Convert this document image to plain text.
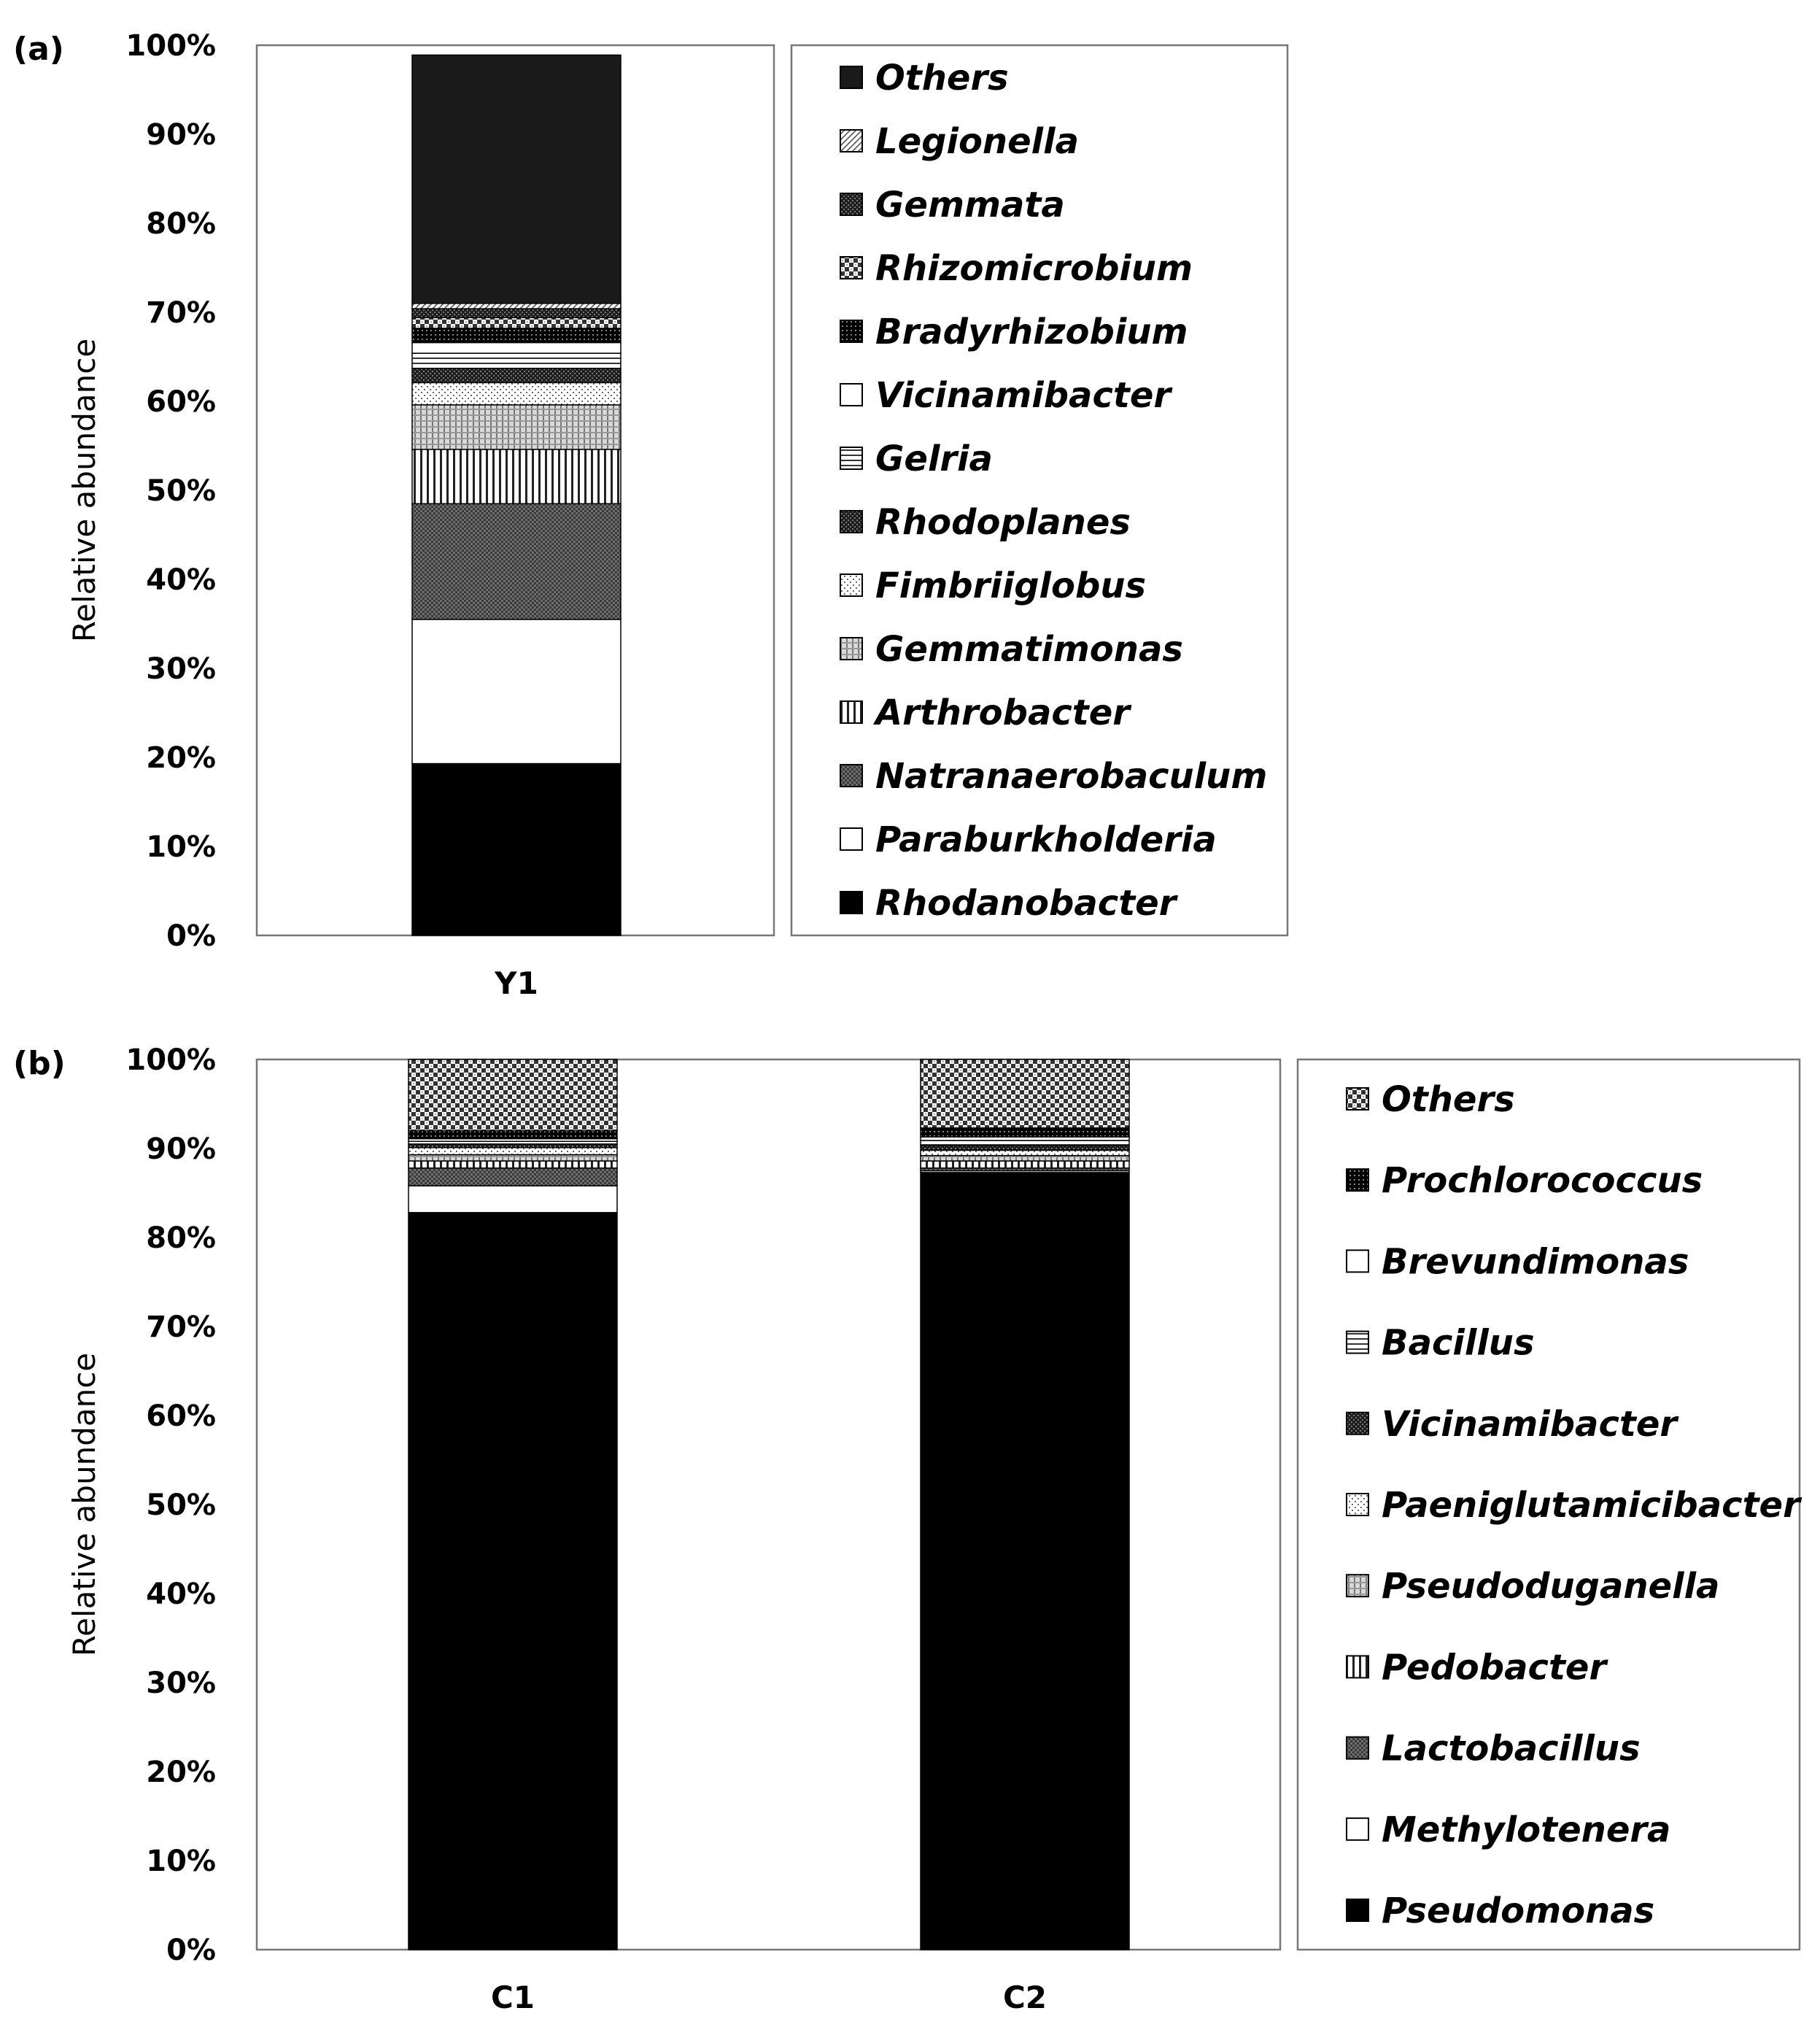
(a)
0%
10%
20%
30%
40%
50%
60%
70%
80%
90%
100%
Relative abundance
Y1
Others
Legionella
Gemmata
Rhizomicrobium
Bradyrhizobium
Vicinamibacter
Gelria
Rhodoplanes
Fimbriiglobus
Gemmatimonas
Arthrobacter
Natranaerobaculum
Paraburkholderia
Rhodanobacter
(b)
0%
10%
20%
30%
40%
50%
60%
70%
80%
90%
100%
Relative abundance
C1	C2
Others
Prochlorococcus
Brevundimonas
Bacillus
Vicinamibacter
Paeniglutamicibacter
Pseudoduganella
Pedobacter
Lactobacillus
Methylotenera
Pseudomonas
